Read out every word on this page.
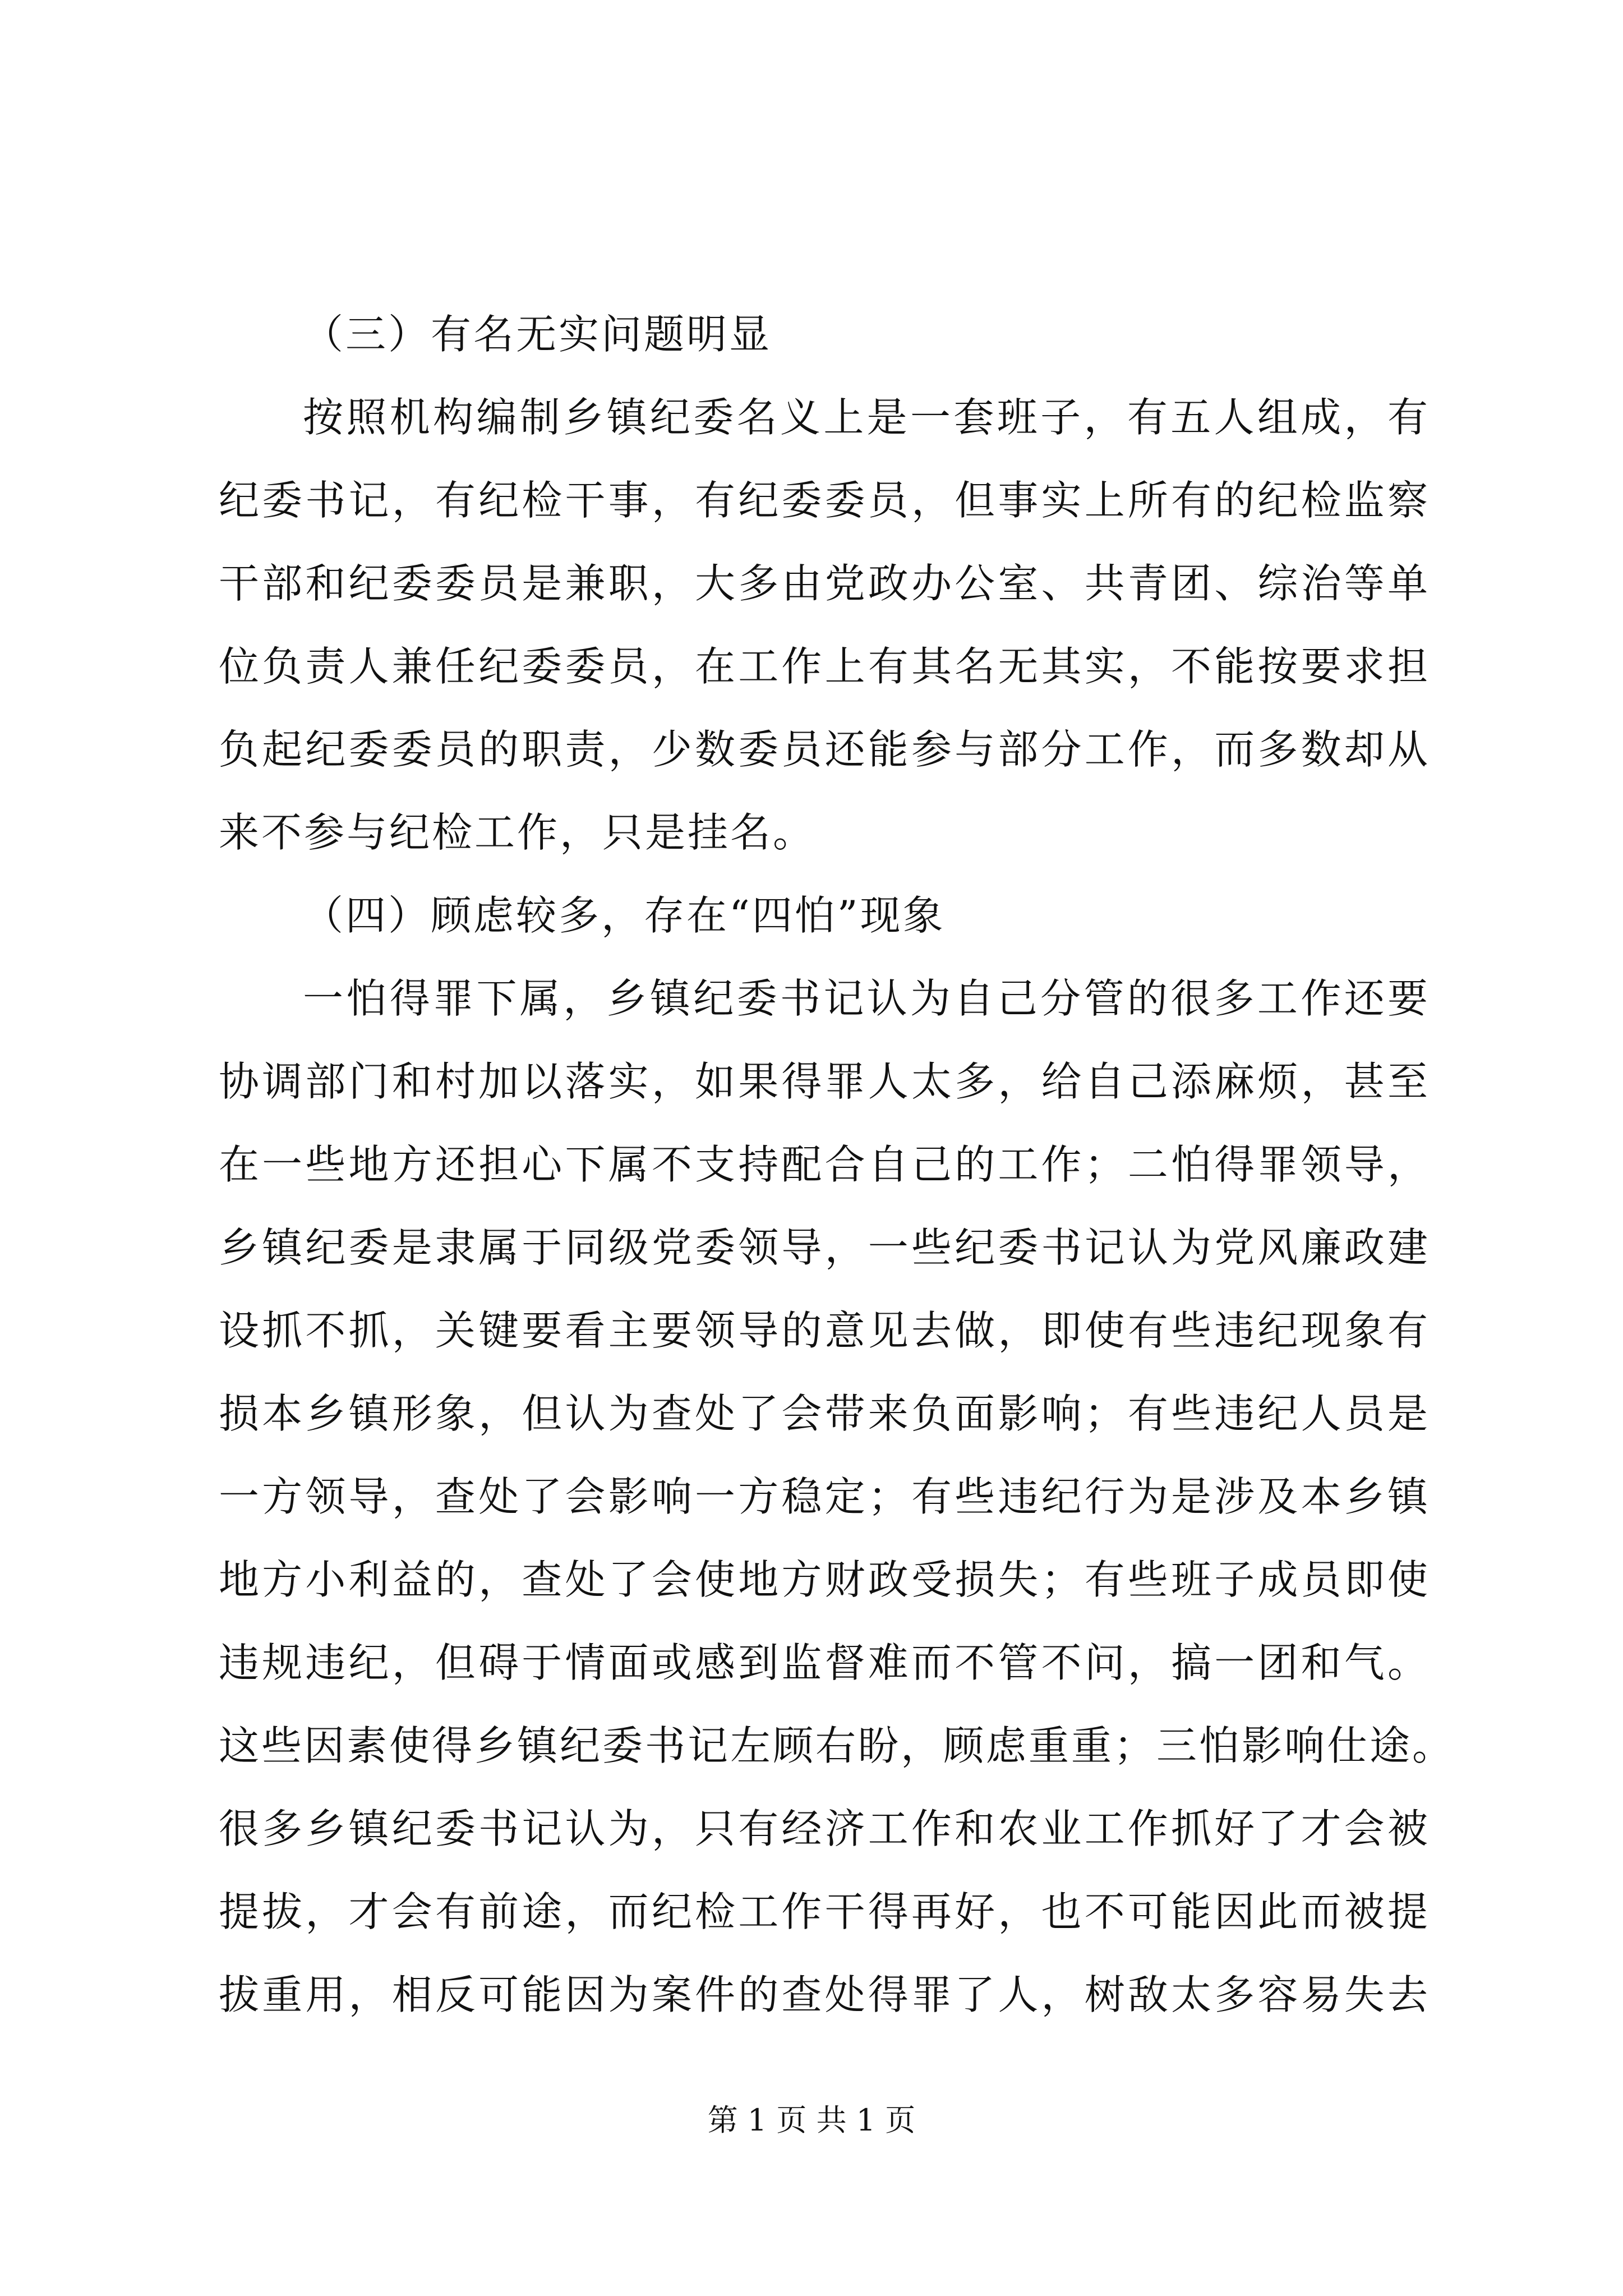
（三）有名无实问题明显
按照机构编制乡镇纪委名义上是一套班子，有五人组成，有
纪委书记，有纪检干事，有纪委委员，但事实上所有的纪检监察
干部和纪委委员是兼职，大多由党政办公室、共青团、综治等单
位负责人兼任纪委委员，在工作上有其名无其实，不能按要求担
负起纪委委员的职责，少数委员还能参与部分工作，而多数却从
来不参与纪检工作，只是挂名。
（四）顾虑较多，存在“四怕”现象
一怕得罪下属，乡镇纪委书记认为自己分管的很多工作还要
协调部门和村加以落实，如果得罪人太多，给自己添麻烦，甚至
在一些地方还担心下属不支持配合自己的工作；二怕得罪领导，
乡镇纪委是隶属于同级党委领导，一些纪委书记认为党风廉政建
设抓不抓，关键要看主要领导的意见去做，即使有些违纪现象有
损本乡镇形象，但认为查处了会带来负面影响；有些违纪人员是
一方领导，查处了会影响一方稳定；有些违纪行为是涉及本乡镇
地方小利益的，查处了会使地方财政受损失；有些班子成员即使
违规违纪，但碍于情面或感到监督难而不管不问，搞一团和气。
这些因素使得乡镇纪委书记左顾右盼，顾虑重重；三怕影响仕途。
很多乡镇纪委书记认为，只有经济工作和农业工作抓好了才会被
提拔，才会有前途，而纪检工作干得再好，也不可能因此而被提
拔重用，相反可能因为案件的查处得罪了人，树敌太多容易失去
第 1 页 共 1 页
